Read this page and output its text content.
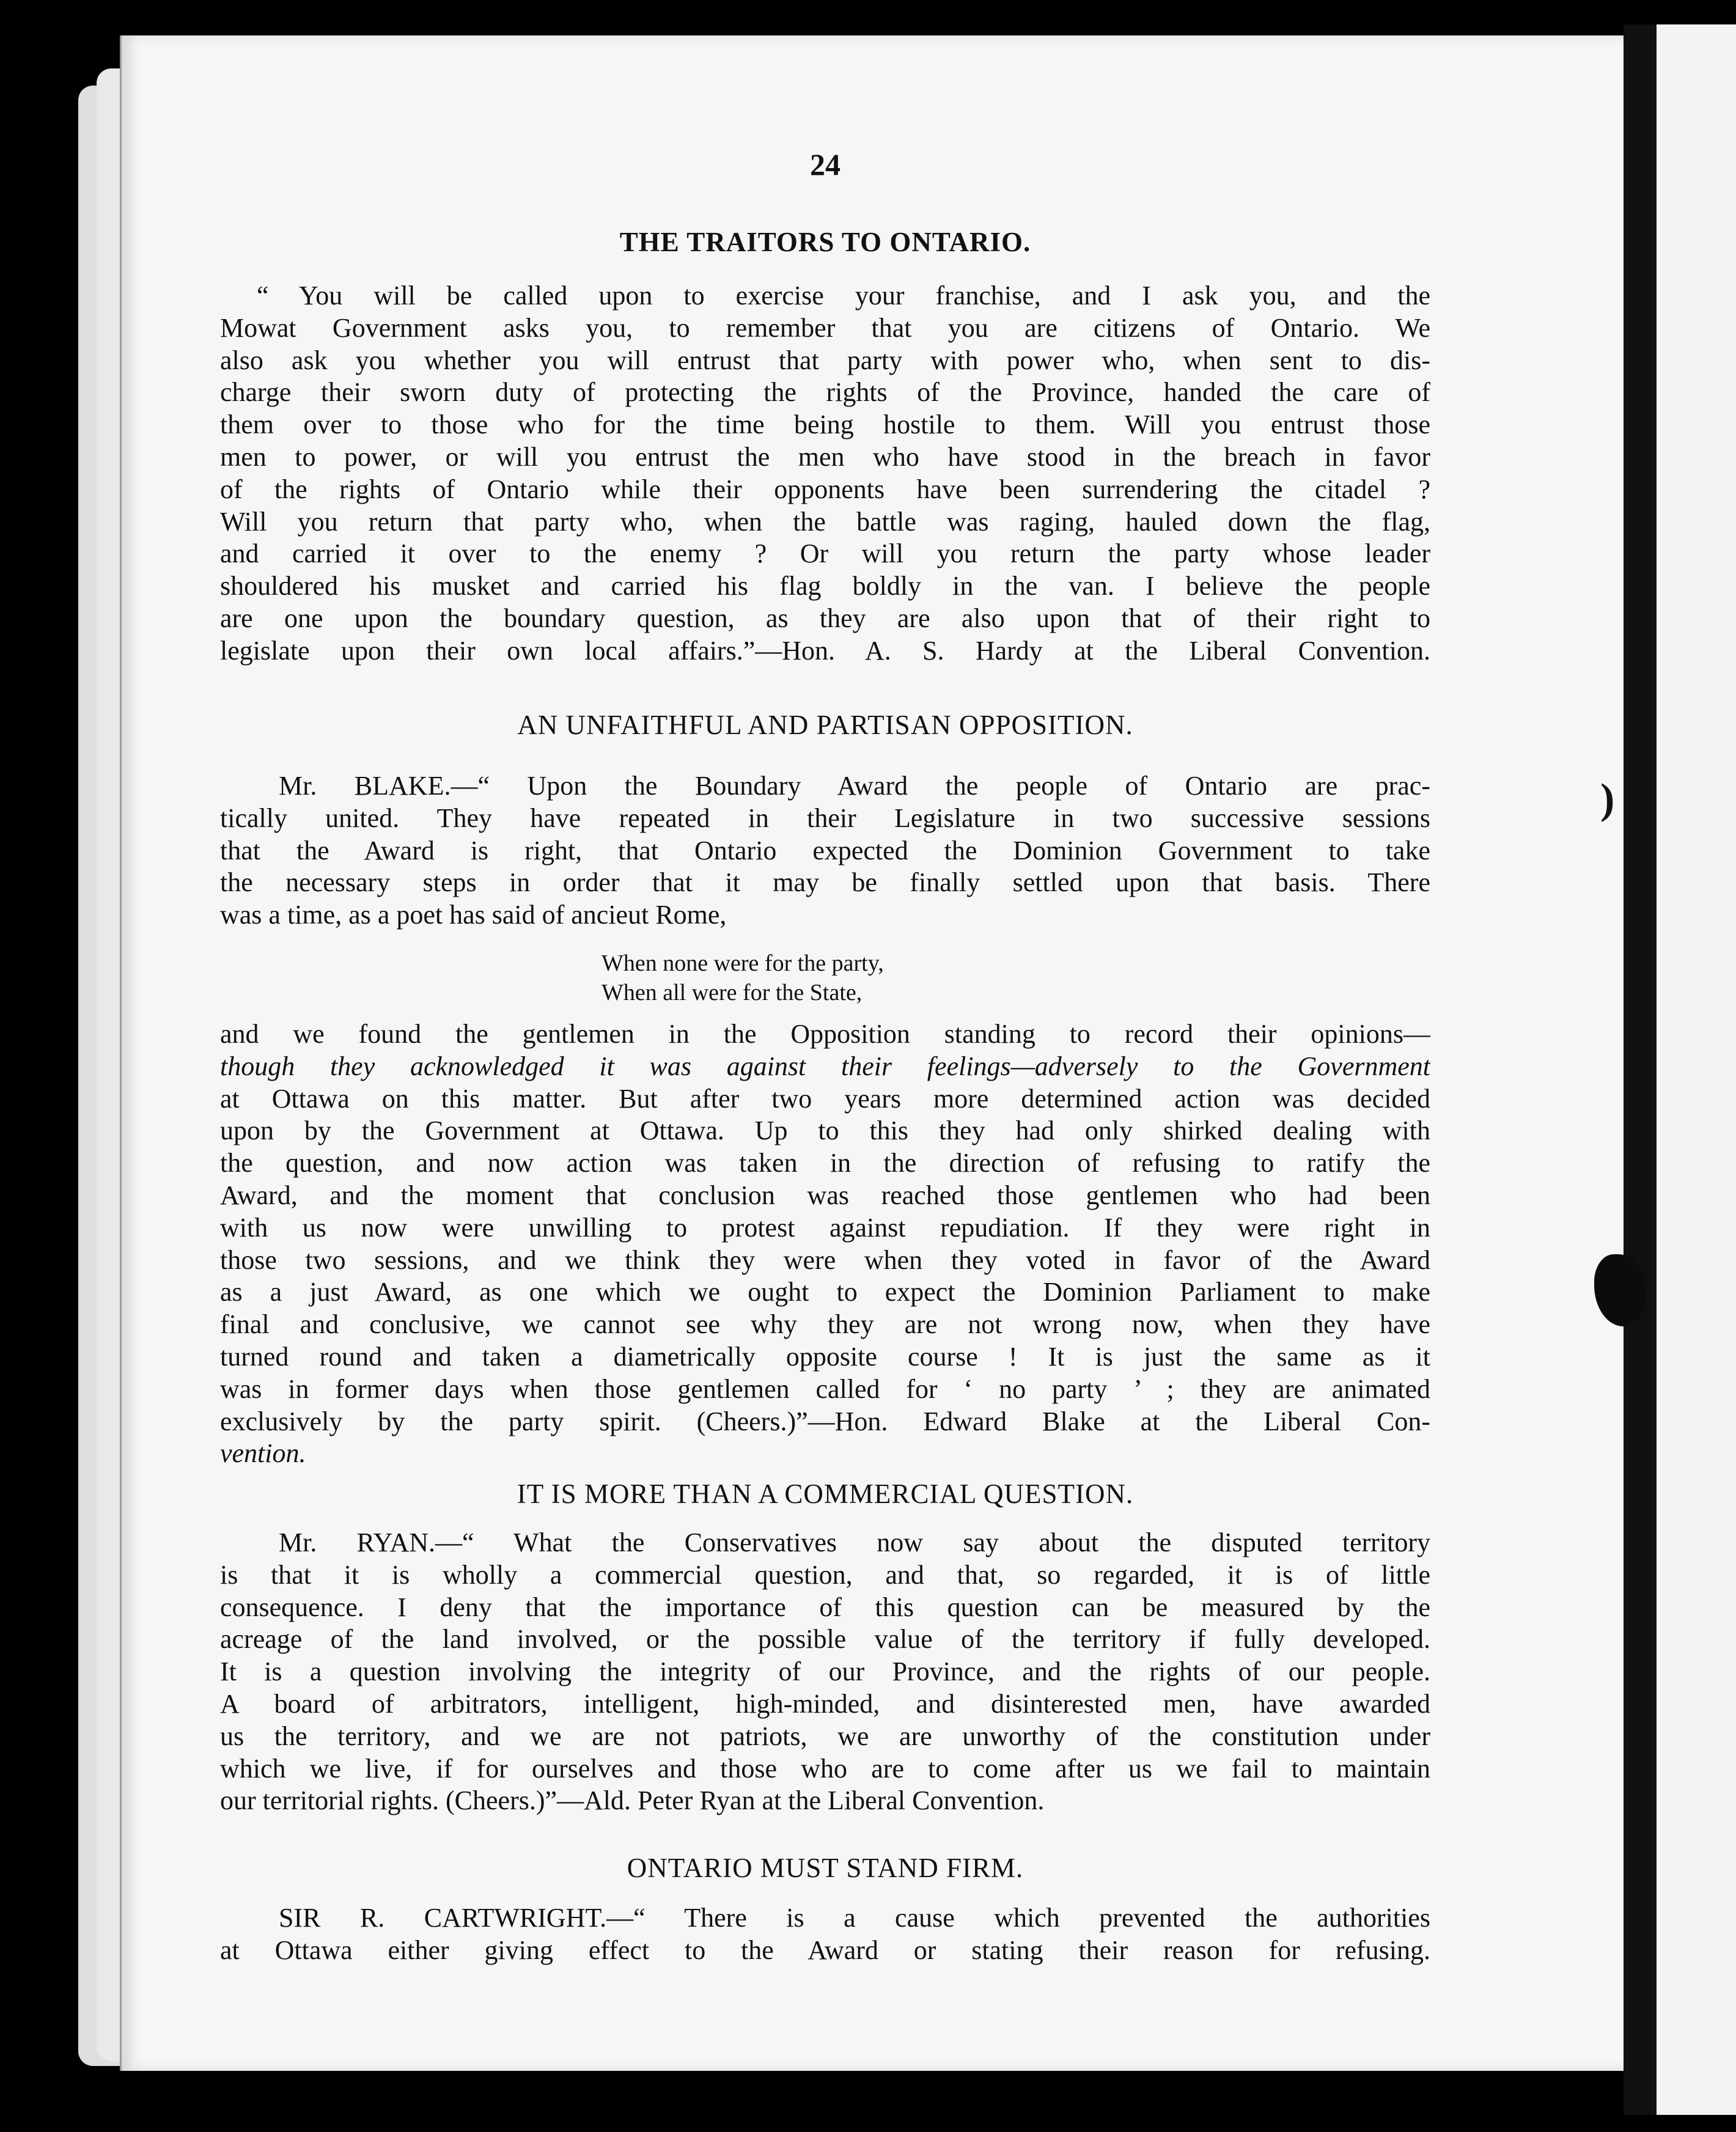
)
24
THE TRAITORS TO ONTARIO.
“ You will be called upon to exercise your franchise, and I ask you, and the
Mowat Government asks you, to remember that you are citizens of Ontario. We
also ask you whether you will entrust that party with power who, when sent to dis-
charge their sworn duty of protecting the rights of the Province, handed the care of
them over to those who for the time being hostile to them. Will you entrust those
men to power, or will you entrust the men who have stood in the breach in favor
of the rights of Ontario while their opponents have been surrendering the citadel ?
Will you return that party who, when the battle was raging, hauled down the flag,
and carried it over to the enemy ? Or will you return the party whose leader
shouldered his musket and carried his flag boldly in the van. I believe the people
are one upon the boundary question, as they are also upon that of their right to
legislate upon their own local affairs.”—Hon. A. S. Hardy at the Liberal Convention.
AN UNFAITHFUL AND PARTISAN OPPOSITION.
Mr. BLAKE.—“ Upon the Boundary Award the people of Ontario are prac-
tically united. They have repeated in their Legislature in two successive sessions
that the Award is right, that Ontario expected the Dominion Government to take
the necessary steps in order that it may be finally settled upon that basis. There
was a time, as a poet has said of ancieut Rome,
When none were for the party,
When all were for the State,
and we found the gentlemen in the Opposition standing to record their opinions—
though they acknowledged it was against their feelings—adversely to the Government
at Ottawa on this matter. But after two years more determined action was decided
upon by the Government at Ottawa. Up to this they had only shirked dealing with
the question, and now action was taken in the direction of refusing to ratify the
Award, and the moment that conclusion was reached those gentlemen who had been
with us now were unwilling to protest against repudiation. If they were right in
those two sessions, and we think they were when they voted in favor of the Award
as a just Award, as one which we ought to expect the Dominion Parliament to make
final and conclusive, we cannot see why they are not wrong now, when they have
turned round and taken a diametrically opposite course ! It is just the same as it
was in former days when those gentlemen called for ‘ no party ’ ; they are animated
exclusively by the party spirit. (Cheers.)”—Hon. Edward Blake at the Liberal Con-
vention.
IT IS MORE THAN A COMMERCIAL QUESTION.
Mr. RYAN.—“ What the Conservatives now say about the disputed territory
is that it is wholly a commercial question, and that, so regarded, it is of little
consequence. I deny that the importance of this question can be measured by the
acreage of the land involved, or the possible value of the territory if fully developed.
It is a question involving the integrity of our Province, and the rights of our people.
A board of arbitrators, intelligent, high-minded, and disinterested men, have awarded
us the territory, and we are not patriots, we are unworthy of the constitution under
which we live, if for ourselves and those who are to come after us we fail to maintain
our territorial rights. (Cheers.)”—Ald. Peter Ryan at the Liberal Convention.
ONTARIO MUST STAND FIRM.
SIR R. CARTWRIGHT.—“ There is a cause which prevented the authorities
at Ottawa either giving effect to the Award or stating their reason for refusing.
